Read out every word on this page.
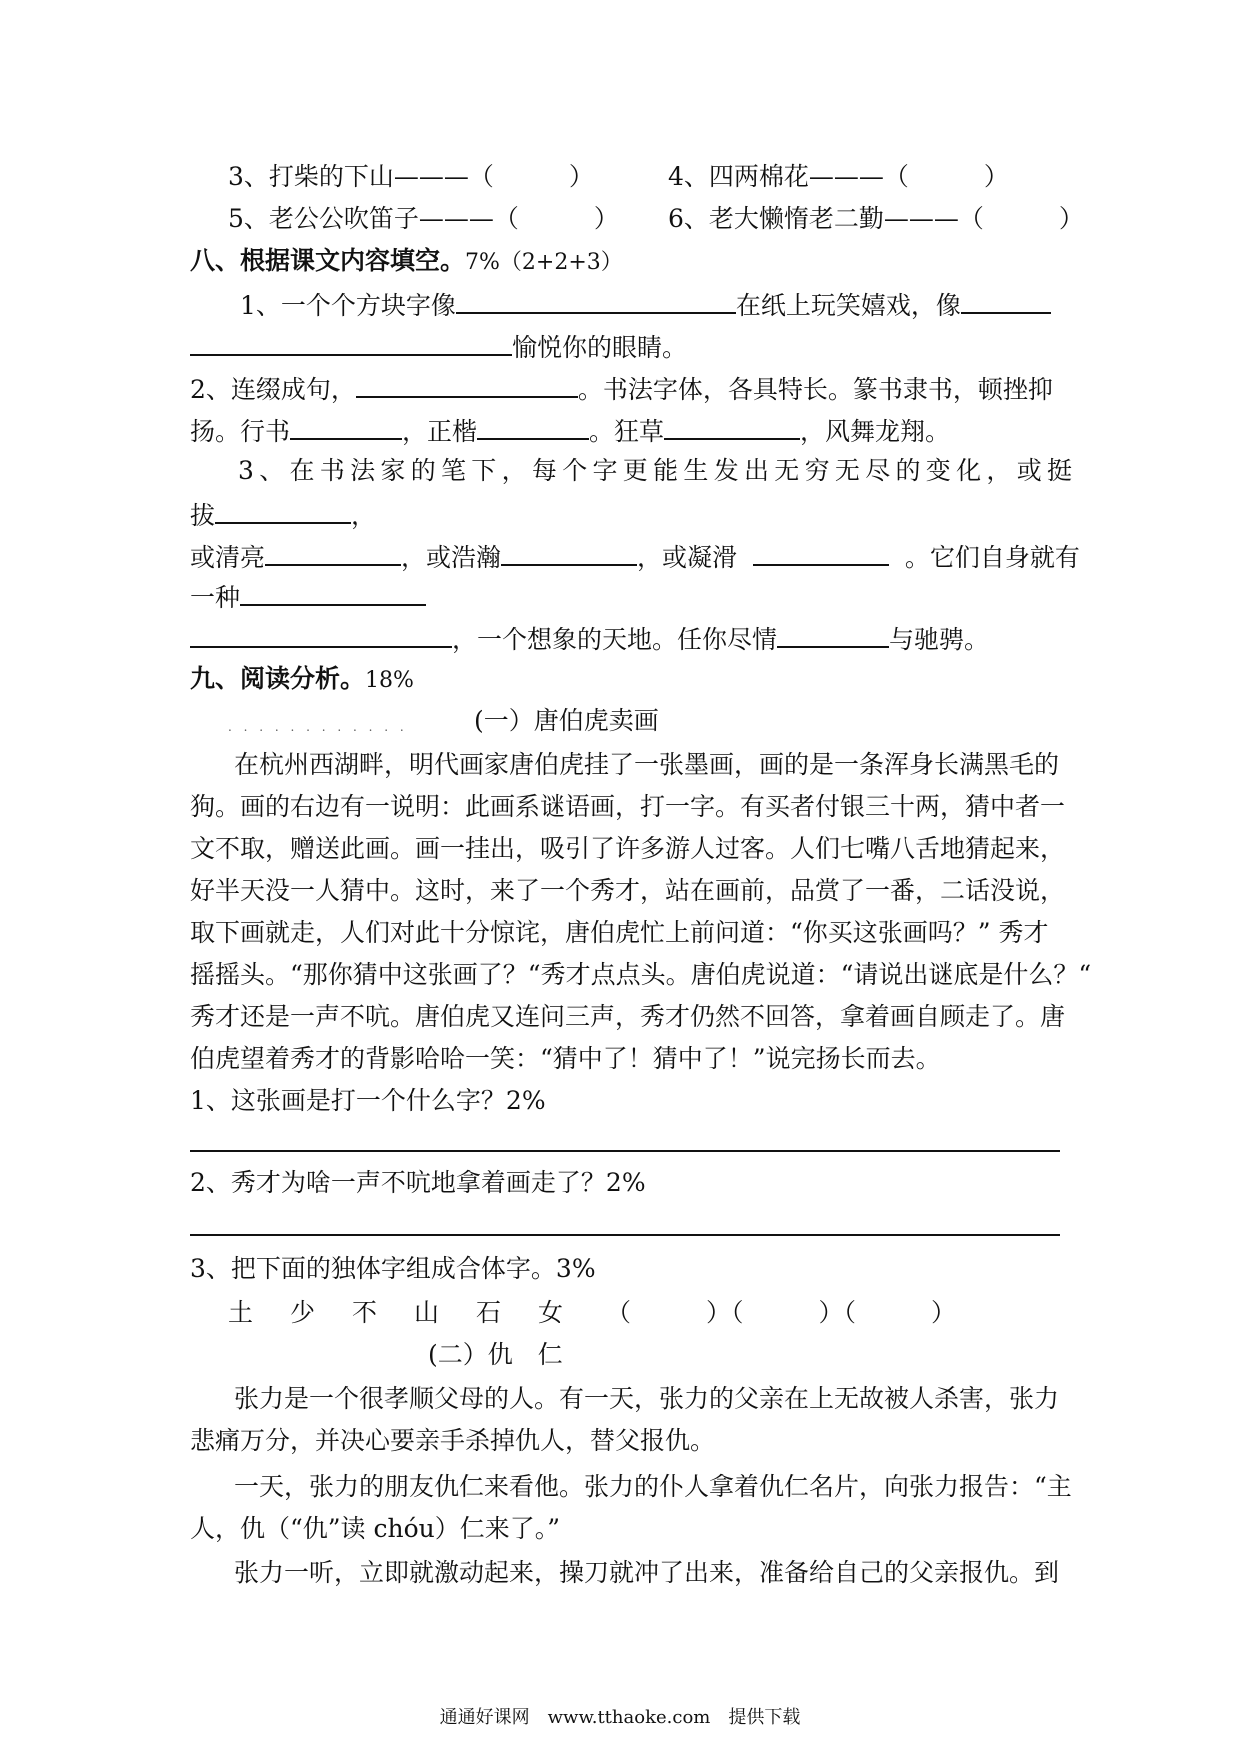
3、打柴的下山———（　　　）	4、四两棉花———（　　　）
5、老公公吹笛子———（　　　） 6、老大懒惰老二勤———（　　　）
八、根据课文内容填空。7%（2+2+3）
1、一个个方块字像	在纸上玩笑嬉戏，像
愉悦你的眼睛。
2、连缀成句，	。书法字体，各具特长。篆书隶书，顿挫抑
扬。行书	，正楷	。狂草	，风舞龙翔。
3、在书法家的笔下，每个字更能生发出无穷无尽的变化，或挺
拔	，
或清亮	，或浩瀚	，或凝滑	。它们自身就有
一种
，一个想象的天地。任你尽情	与驰骋。
九、阅读分析。18%
. . . . . . . . . . . .	(一）唐伯虎卖画
在杭州西湖畔，明代画家唐伯虎挂了一张墨画，画的是一条浑身长满黑毛的
狗。画的右边有一说明：此画系谜语画，打一字。有买者付银三十两，猜中者一
文不取，赠送此画。画一挂出，吸引了许多游人过客。人们七嘴八舌地猜起来，
好半天没一人猜中。这时，来了一个秀才，站在画前，品赏了一番，二话没说，
取下画就走，人们对此十分惊诧，唐伯虎忙上前问道：“你买这张画吗？” 秀才
摇摇头。“那你猜中这张画了？“秀才点点头。唐伯虎说道：“请说出谜底是什么？“
秀才还是一声不吭。唐伯虎又连问三声，秀才仍然不回答，拿着画自顾走了。唐
伯虎望着秀才的背影哈哈一笑：“猜中了！猜中了！”说完扬长而去。
1、这张画是打一个什么字？2%
2、秀才为啥一声不吭地拿着画走了？2%
3、把下面的独体字组成合体字。3%
土　少　不　山　石　女 （　　　）（　　　）（　　　）
(二）仇　仁
张力是一个很孝顺父母的人。有一天，张力的父亲在上无故被人杀害，张力
悲痛万分，并决心要亲手杀掉仇人，替父报仇。
一天，张力的朋友仇仁来看他。张力的仆人拿着仇仁名片，向张力报告：“主
人，仇（“仇”读 chóu）仁来了。”
张力一听，立即就激动起来，操刀就冲了出来，准备给自己的父亲报仇。到
通通好课网　www.tthaoke.com　提供下载
